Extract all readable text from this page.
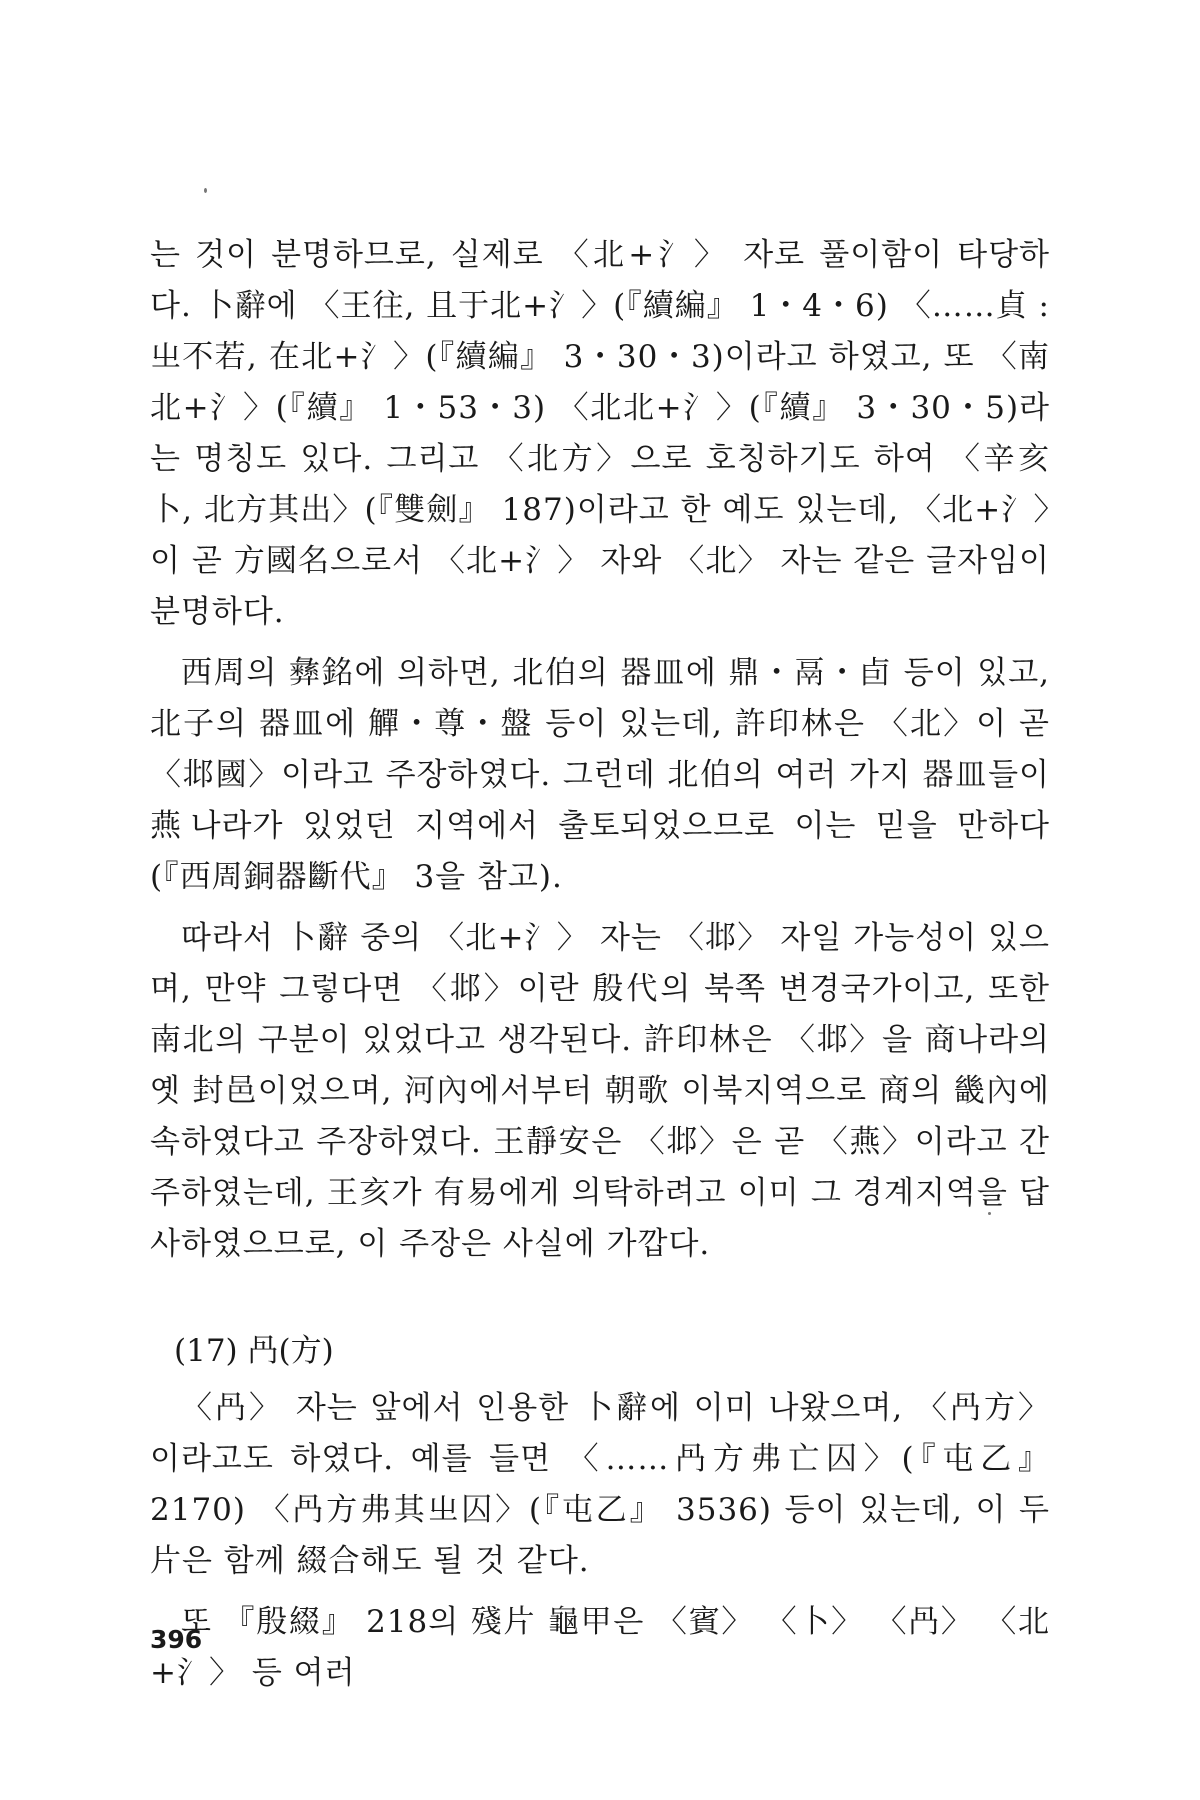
는 것이 분명하므로, 실제로 〈北+氵〉 자로 풀이함이 타당하다. 卜辭에 〈王往, 且于北+氵〉(『續編』 1・4・6) 〈……貞 : 㞢不若, 在北+氵〉(『續編』 3・30・3)이라고 하였고, 또 〈南北+氵〉(『續』 1・53・3) 〈北北+氵〉(『續』 3・30・5)라는 명칭도 있다. 그리고 〈北方〉으로 호칭하기도 하여 〈辛亥卜, 北方其出〉(『雙劍』 187)이라고 한 예도 있는데, 〈北+氵〉이 곧 方國名으로서 〈北+氵〉 자와 〈北〉 자는 같은 글자임이 분명하다.

西周의 彝銘에 의하면, 北伯의 器皿에 鼎・鬲・卣 등이 있고, 北子의 器皿에 觶・尊・盤 등이 있는데, 許印林은 〈北〉이 곧 〈邶國〉이라고 주장하였다. 그런데 北伯의 여러 가지 器皿들이 燕나라가 있었던 지역에서 출토되었으므로 이는 믿을 만하다(『西周銅器斷代』 3을 참고).

따라서 卜辭 중의 〈北+氵〉 자는 〈邶〉 자일 가능성이 있으며, 만약 그렇다면 〈邶〉이란 殷代의 북쪽 변경국가이고, 또한 南北의 구분이 있었다고 생각된다. 許印林은 〈邶〉을 商나라의 옛 封邑이었으며, 河內에서부터 朝歌 이북지역으로 商의 畿內에 속하였다고 주장하였다. 王靜安은 〈邶〉은 곧 〈燕〉이라고 간주하였는데, 王亥가 有易에게 의탁하려고 이미 그 경계지역을 답사하였으므로, 이 주장은 사실에 가깝다.

(17) 冎(方)

〈冎〉 자는 앞에서 인용한 卜辭에 이미 나왔으며, 〈冎方〉이라고도 하였다. 예를 들면 〈……冎方弗亡囚〉(『屯乙』 2170) 〈冎方弗其㞢囚〉(『屯乙』 3536) 등이 있는데, 이 두 片은 함께 綴合해도 될 것 같다.

또 『殷綴』 218의 殘片 龜甲은 〈賓〉 〈卜〉 〈冎〉 〈北+氵〉 등 여러

396
